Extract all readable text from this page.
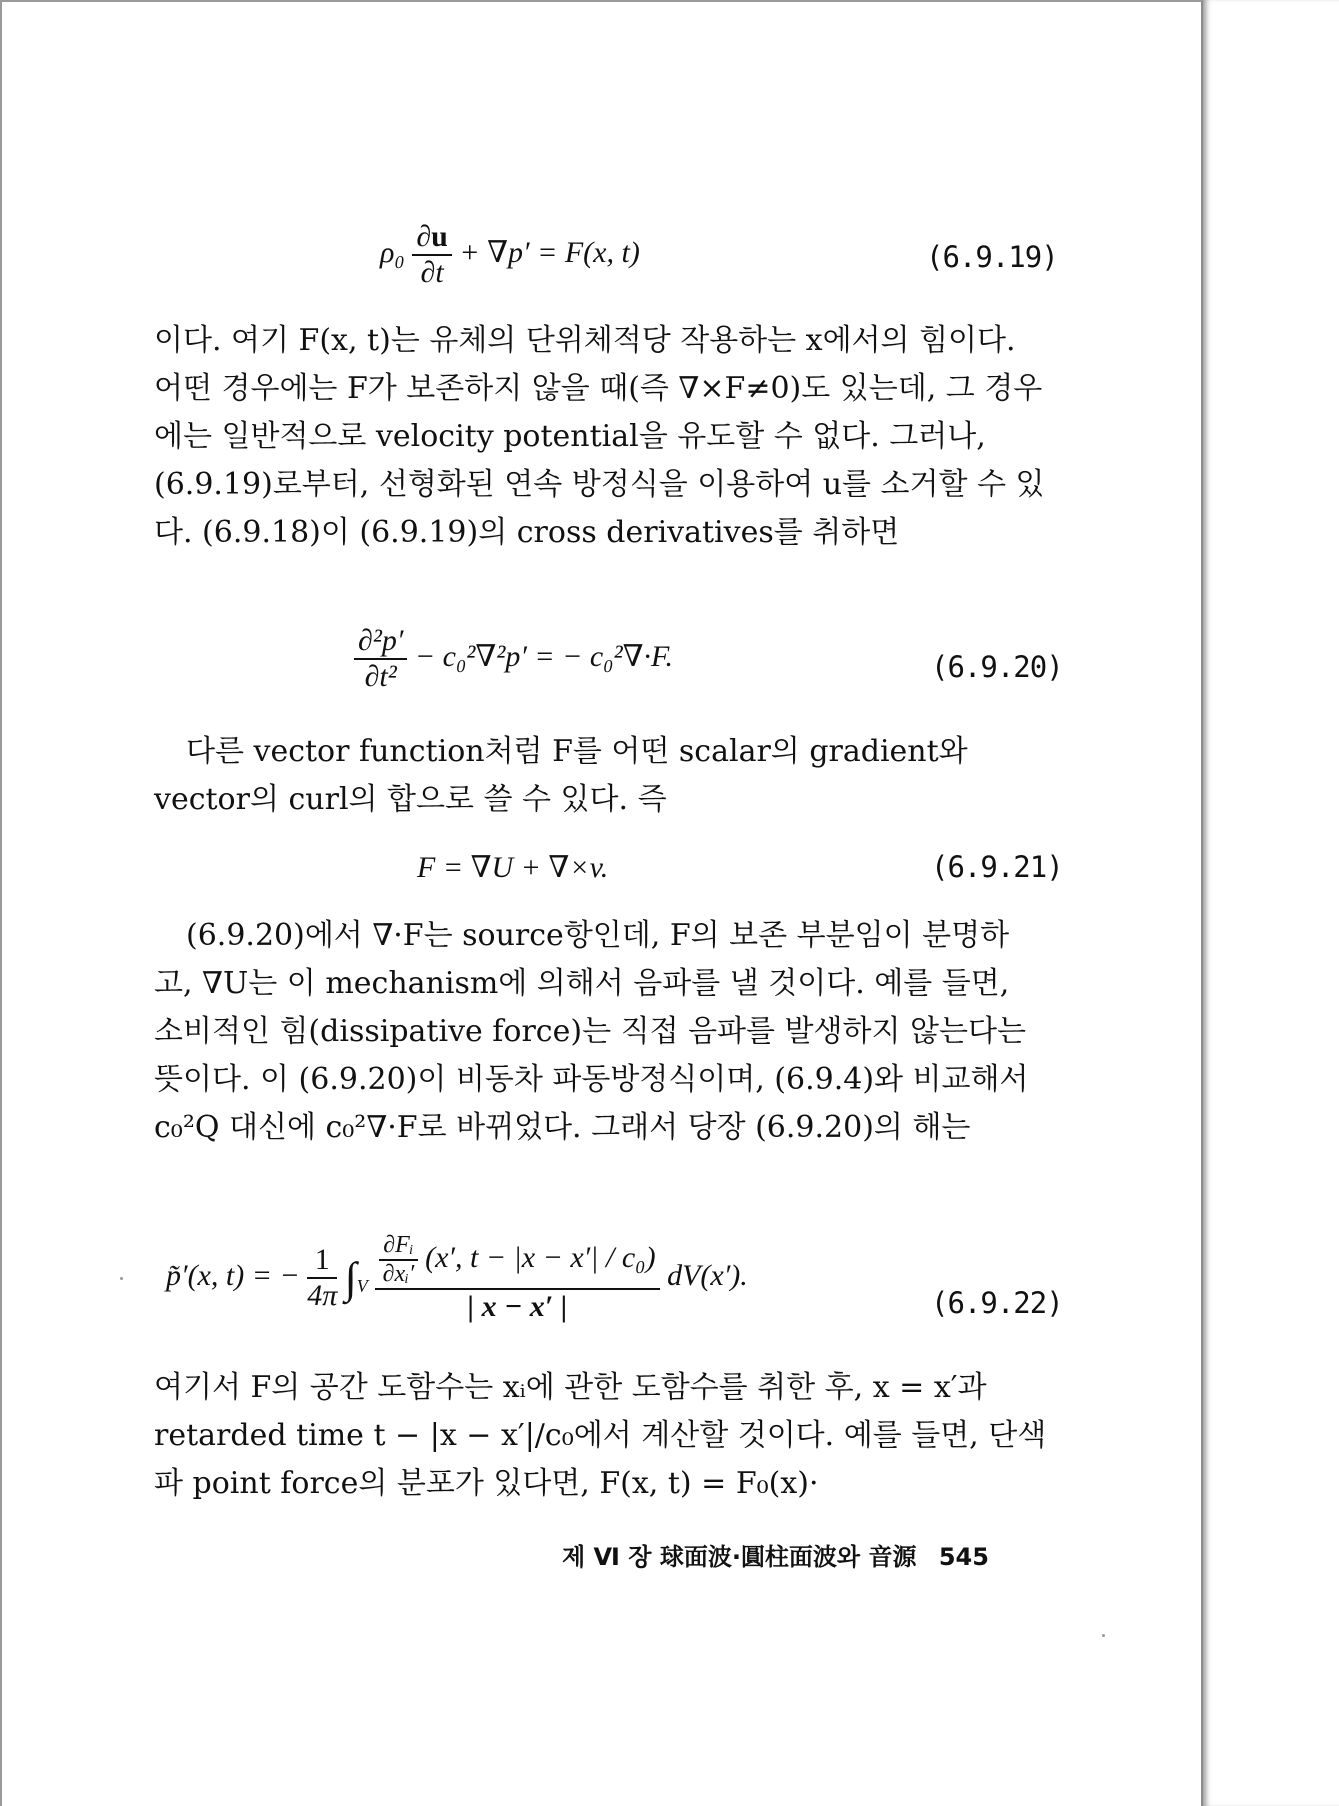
$\rho_0 \frac{\partial u}{\partial t} + \nabla p' = F(x$, t)	(6.9.19)
이다. 여기 F(x, t)는 유체의 단위체적당 작용하는 x에서의 힘이다. 어떤 경우에는 F가 보존하지 않을 때(즉 ∇×F≠0)도 있는데, 그 경우에는 일반적으로 velocity potential을 유도할 수 없다. 그러나, (6.9.19)로부터, 선형화된 연속 방정식을 이용하여 u를 소거할 수 있다. (6.9.18)이 (6.9.19)의 cross derivatives를 취하면
$\frac{\text{∂²p′}}{\text{∂t²}} - c_0^2\nabla^2p'$ = − c₀²∇·F.	(6.9.20)
다른 vector function처럼 F를 어떤 scalar의 gradient와 vector의 curl의 합으로 쓸 수 있다. 즉
F = ∇U + ∇×v.	(6.9.21)
(6.9.20)에서 ∇·F는 source항인데, F의 보존 부분임이 분명하고, ∇U는 이 mechanism에 의해서 음파를 낼 것이다. 예를 들면, 소비적인 힘(dissipative force)는 직접 음파를 발생하지 않는다는 뜻이다. 이 (6.9.20)이 비동차 파동방정식이며, (6.9.4)와 비교해서 c₀²Q 대신에 c₀²∇·F로 바뀌었다. 그래서 당장 (6.9.20)의 해는
p̃′(x, t) = − $\frac{1}{4\pi} \int_V \frac{\frac{\text{∂Fᵢ}}{\text{∂xᵢ′}} (x', t - |x - x'| / c_0)}{| x - x' |} dV(x')$.
(6.9.22)
여기서 F의 공간 도함수는 xᵢ에 관한 도함수를 취한 후, x = x′과 retarded time t − |x − x′|/c₀에서 계산할 것이다. 예를 들면, 단색파 point force의 분포가 있다면, F(x, t) = F₀(x)·
제 Ⅵ 장 球面波·圓柱面波와 音源 545
